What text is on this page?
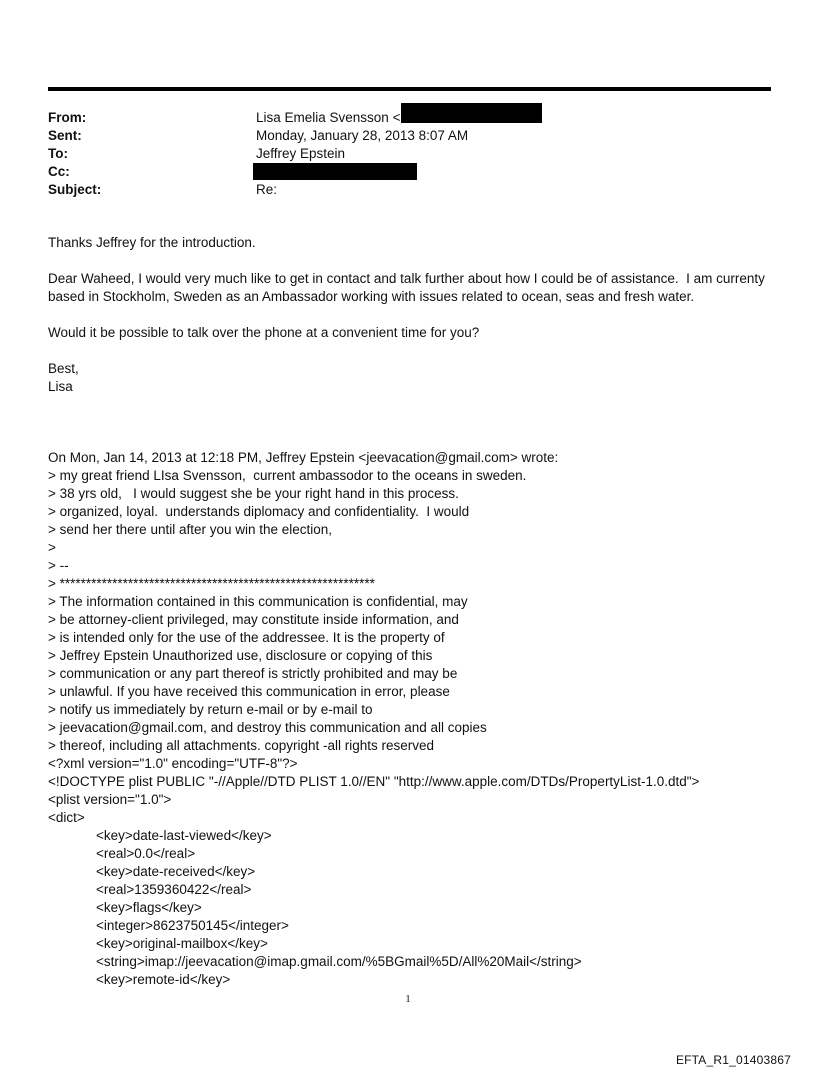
From:	Lisa Emelia Svensson <
Sent:	Monday, January 28, 2013 8:07 AM
To:	Jeffrey Epstein
Cc:
Subject:	Re:

Thanks Jeffrey for the introduction.

Dear Waheed, I would very much like to get in contact and talk further about how I could be of assistance.  I am currenty based in Stockholm, Sweden as an Ambassador working with issues related to ocean, seas and fresh water.

Would it be possible to talk over the phone at a convenient time for you?

Best,

Lisa

On Mon, Jan 14, 2013 at 12:18 PM, Jeffrey Epstein <jeevacation@gmail.com> wrote:
> my great friend LIsa Svensson,  current ambassodor to the oceans in sweden.
> 38 yrs old,   I would suggest she be your right hand in this process.
> organized, loyal.  understands diplomacy and confidentiality.  I would
> send her there until after you win the election,
>
> --
> ************************************************************
> The information contained in this communication is confidential, may
> be attorney-client privileged, may constitute inside information, and
> is intended only for the use of the addressee. It is the property of
> Jeffrey Epstein Unauthorized use, disclosure or copying of this
> communication or any part thereof is strictly prohibited and may be
> unlawful. If you have received this communication in error, please
> notify us immediately by return e-mail or by e-mail to
> jeevacation@gmail.com, and destroy this communication and all copies
> thereof, including all attachments. copyright -all rights reserved
<?xml version="1.0" encoding="UTF-8"?>
<!DOCTYPE plist PUBLIC "-//Apple//DTD PLIST 1.0//EN" "http://www.apple.com/DTDs/PropertyList-1.0.dtd">
<plist version="1.0">
<dict>
<key>date-last-viewed</key>
<real>0.0</real>
<key>date-received</key>
<real>1359360422</real>
<key>flags</key>
<integer>8623750145</integer>
<key>original-mailbox</key>
<string>imap://jeevacation@imap.gmail.com/%5BGmail%5D/All%20Mail</string>
<key>remote-id</key>
1
EFTA_R1_01403867
